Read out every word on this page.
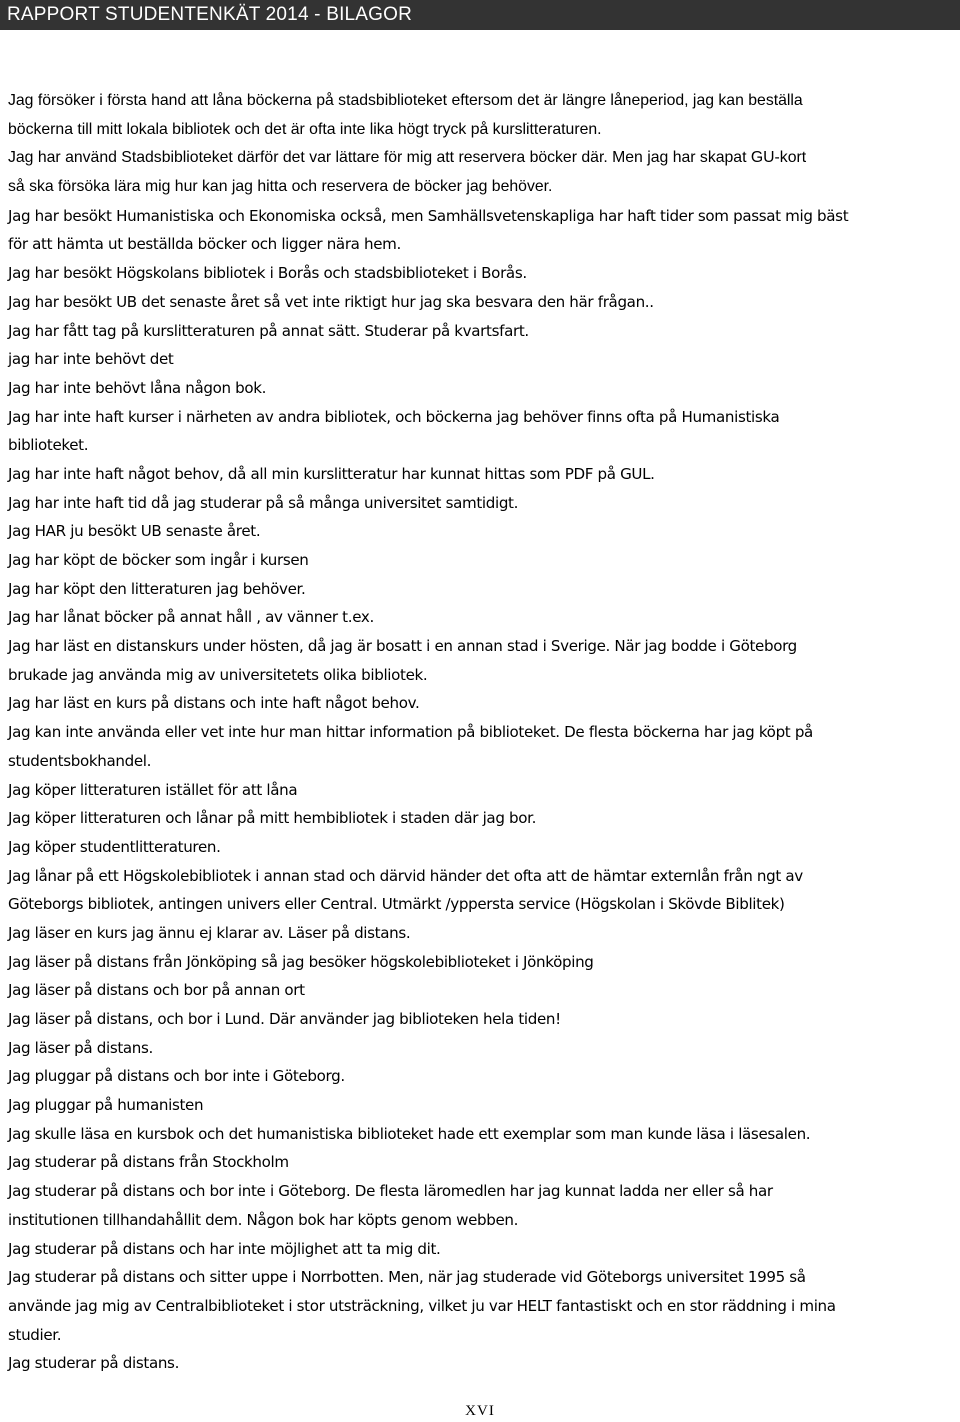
RAPPORT STUDENTENKÄT 2014 - BILAGOR
Jag försöker i första hand att låna böckerna på stadsbiblioteket eftersom det är längre låneperiod, jag kan beställa
böckerna till mitt lokala bibliotek och det är ofta inte lika högt tryck på kurslitteraturen.
Jag har använd Stadsbiblioteket därför det var lättare för mig att reservera böcker där. Men jag har skapat GU-kort
så ska försöka lära mig hur kan jag hitta och reservera de böcker jag behöver.
Jag har besökt Humanistiska och Ekonomiska också, men Samhällsvetenskapliga har haft tider som passat mig bäst
för att hämta ut beställda böcker och ligger nära hem.
Jag har besökt Högskolans bibliotek i Borås och stadsbiblioteket i Borås.
Jag har besökt UB det senaste året så vet inte riktigt hur jag ska besvara den här frågan..
Jag har fått tag på kurslitteraturen på annat sätt. Studerar på kvartsfart.
jag har inte behövt det
Jag har inte behövt låna någon bok.
Jag har inte haft kurser i närheten av andra bibliotek, och böckerna jag behöver finns ofta på Humanistiska
biblioteket.
Jag har inte haft något behov, då all min kurslitteratur har kunnat hittas som PDF på GUL.
Jag har inte haft tid då jag studerar på så många universitet samtidigt.
Jag HAR ju besökt UB senaste året.
Jag har köpt de böcker som ingår i kursen
Jag har köpt den litteraturen jag behöver.
Jag har lånat böcker på annat håll , av vänner t.ex.
Jag har läst en distanskurs under hösten, då jag är bosatt i en annan stad i Sverige. När jag bodde i Göteborg
brukade jag använda mig av universitetets olika bibliotek.
Jag har läst en kurs på distans och inte haft något behov.
Jag kan inte använda eller vet inte hur man hittar information på biblioteket. De flesta böckerna har jag köpt på
studentsbokhandel.
Jag köper litteraturen istället för att låna
Jag köper litteraturen och lånar på mitt hembibliotek i staden där jag bor.
Jag köper studentlitteraturen.
Jag lånar på ett Högskolebibliotek i annan stad och därvid händer det ofta att de hämtar externlån från ngt av
Göteborgs bibliotek, antingen univers eller Central. Utmärkt /yppersta service (Högskolan i Skövde Biblitek)
Jag läser en kurs jag ännu ej klarar av. Läser på distans.
Jag läser på distans från Jönköping så jag besöker högskolebiblioteket i Jönköping
Jag läser på distans och bor på annan ort
Jag läser på distans, och bor i Lund. Där använder jag biblioteken hela tiden!
Jag läser på distans.
Jag pluggar på distans och bor inte i Göteborg.
Jag pluggar på humanisten
Jag skulle läsa en kursbok och det humanistiska biblioteket hade ett exemplar som man kunde läsa i läsesalen.
Jag studerar på distans från Stockholm
Jag studerar på distans och bor inte i Göteborg. De flesta läromedlen har jag kunnat ladda ner eller så har
institutionen tillhandahållit dem. Någon bok har köpts genom webben.
Jag studerar på distans och har inte möjlighet att ta mig dit.
Jag studerar på distans och sitter uppe i Norrbotten. Men, när jag studerade vid Göteborgs universitet 1995 så
använde jag mig av Centralbiblioteket i stor utsträckning, vilket ju var HELT fantastiskt och en stor räddning i mina
studier.
Jag studerar på distans.
XVI
